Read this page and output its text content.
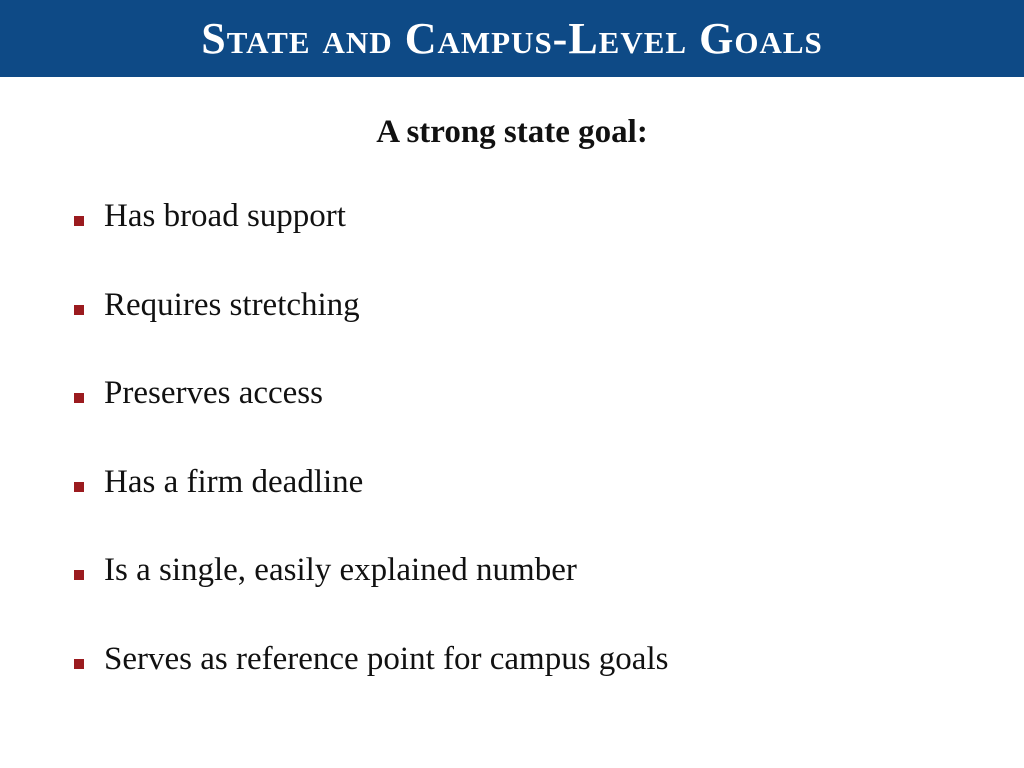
State and Campus-Level Goals
A strong state goal:
Has broad support
Requires stretching
Preserves access
Has a firm deadline
Is a single, easily explained number
Serves as reference point for campus goals
